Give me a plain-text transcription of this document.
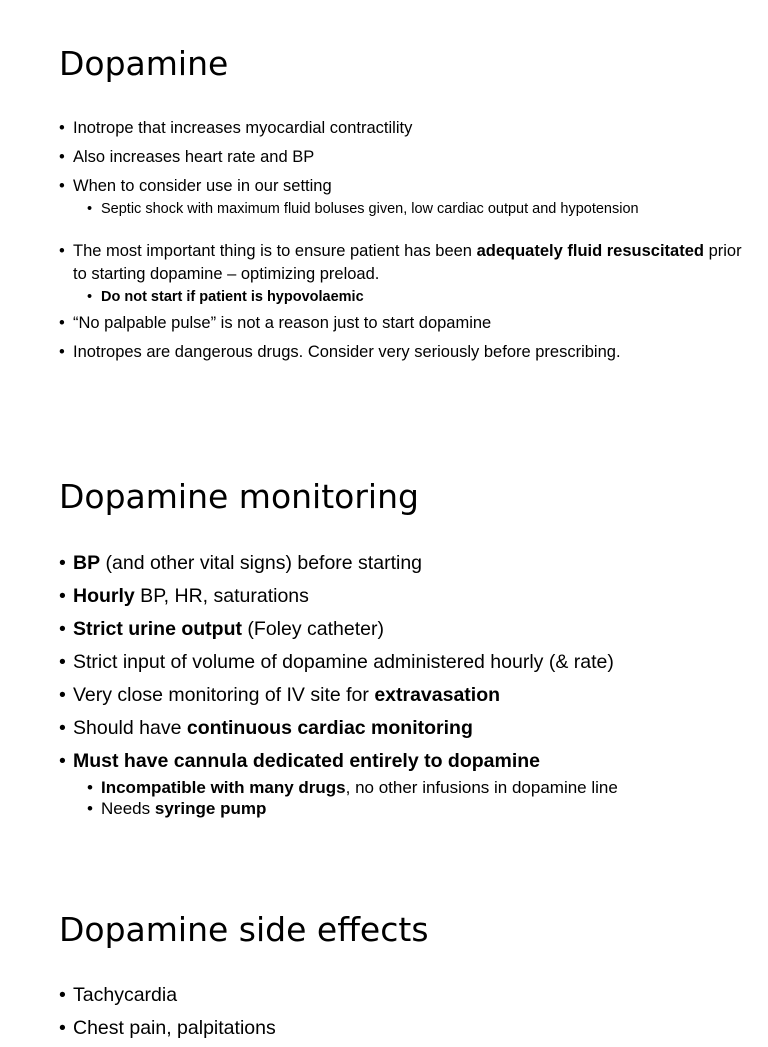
Dopamine
• Inotrope that increases myocardial contractility
• Also increases heart rate and BP
• When to consider use in our setting
• Septic shock with maximum fluid boluses given, low cardiac output and hypotension
• The most important thing is to ensure patient has been adequately fluid resuscitated prior to starting dopamine – optimizing preload.
• Do not start if patient is hypovolaemic
• “No palpable pulse” is not a reason just to start dopamine
• Inotropes are dangerous drugs. Consider very seriously before prescribing.
Dopamine monitoring
• BP (and other vital signs) before starting
• Hourly BP, HR, saturations
• Strict urine output (Foley catheter)
• Strict input of volume of dopamine administered hourly (& rate)
• Very close monitoring of IV site for extravasation
• Should have continuous cardiac monitoring
• Must have cannula dedicated entirely to dopamine
• Incompatible with many drugs, no other infusions in dopamine line
• Needs syringe pump
Dopamine side effects
• Tachycardia
• Chest pain, palpitations
